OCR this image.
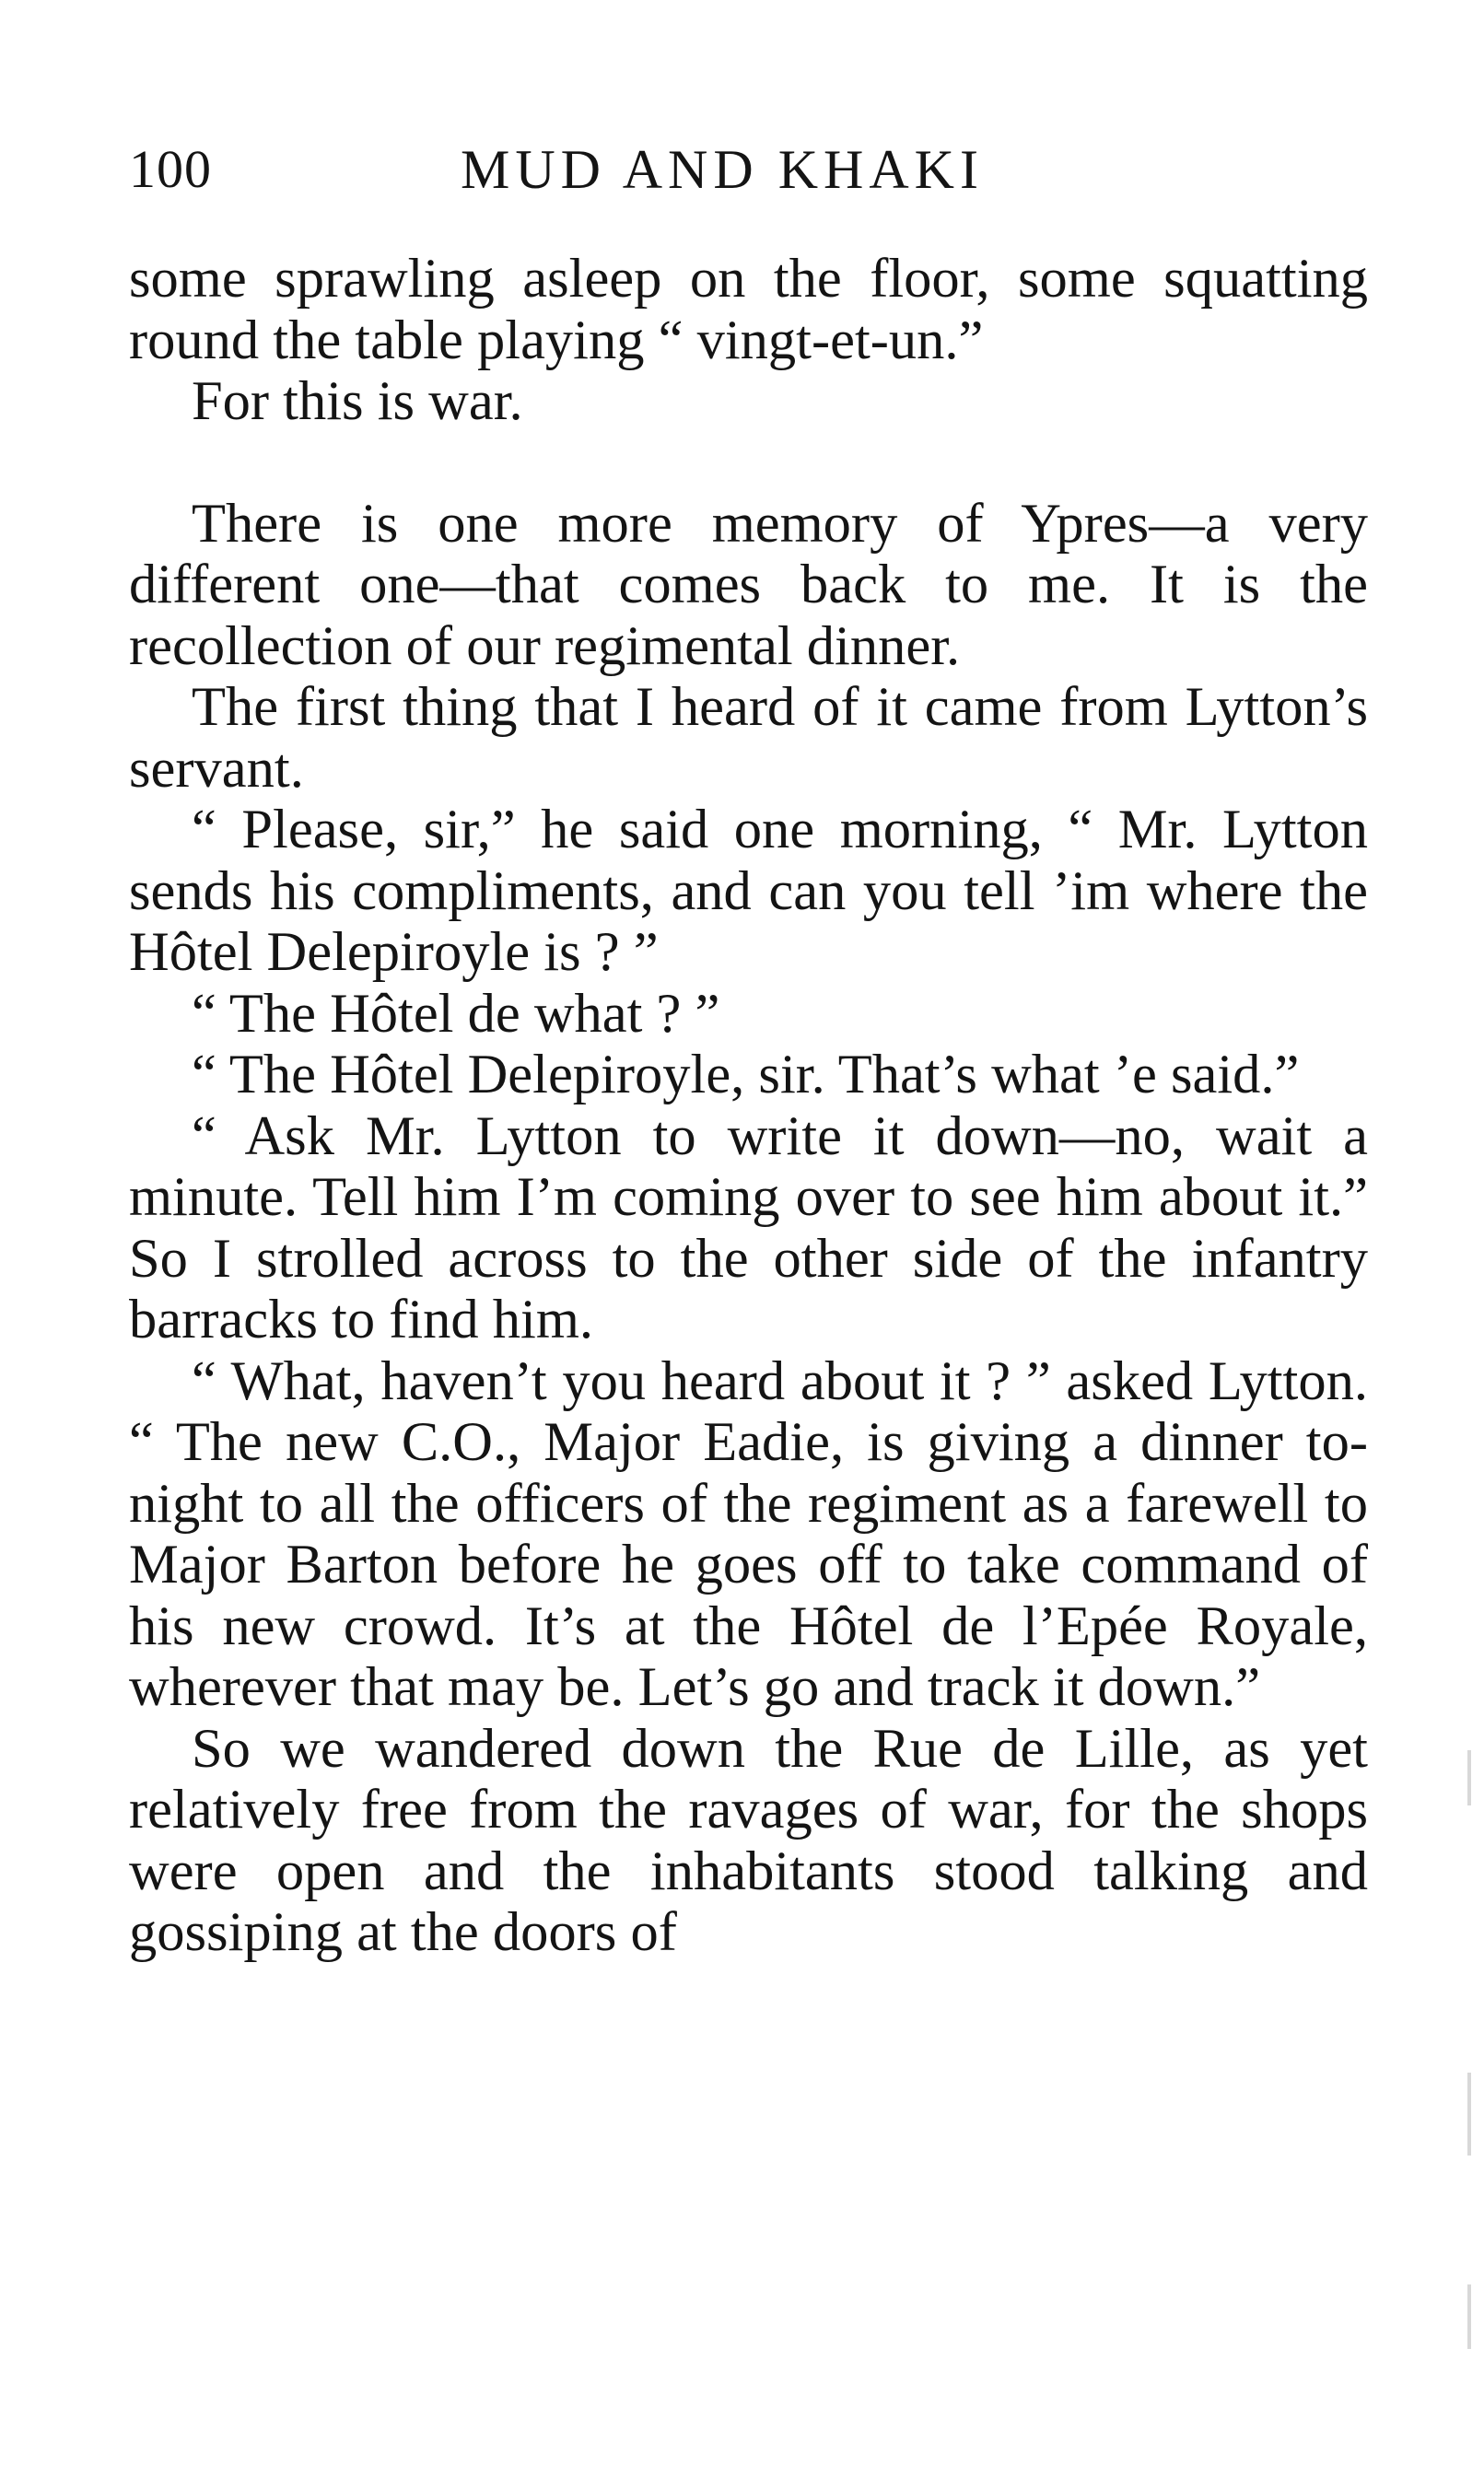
100	MUD AND KHAKI

some sprawling asleep on the floor, some squatting round the table playing “ vingt-et-un.”

For this is war.

There is one more memory of Ypres—a very different one—that comes back to me. It is the recollection of our regimental dinner.

The first thing that I heard of it came from Lytton’s servant.

“ Please, sir,” he said one morning, “ Mr. Lytton sends his compliments, and can you tell ’im where the Hôtel Delepiroyle is ? ”

“ The Hôtel de what ? ”

“ The Hôtel Delepiroyle, sir. That’s what ’e said.”

“ Ask Mr. Lytton to write it down—no, wait a minute. Tell him I’m coming over to see him about it.” So I strolled across to the other side of the infantry barracks to find him.

“ What, haven’t you heard about it ? ” asked Lytton. “ The new C.O., Major Eadie, is giving a dinner to-night to all the officers of the regiment as a farewell to Major Barton before he goes off to take command of his new crowd. It’s at the Hôtel de l’Epée Royale, wherever that may be. Let’s go and track it down.”

So we wandered down the Rue de Lille, as yet relatively free from the ravages of war, for the shops were open and the inhabitants stood talking and gossiping at the doors of
